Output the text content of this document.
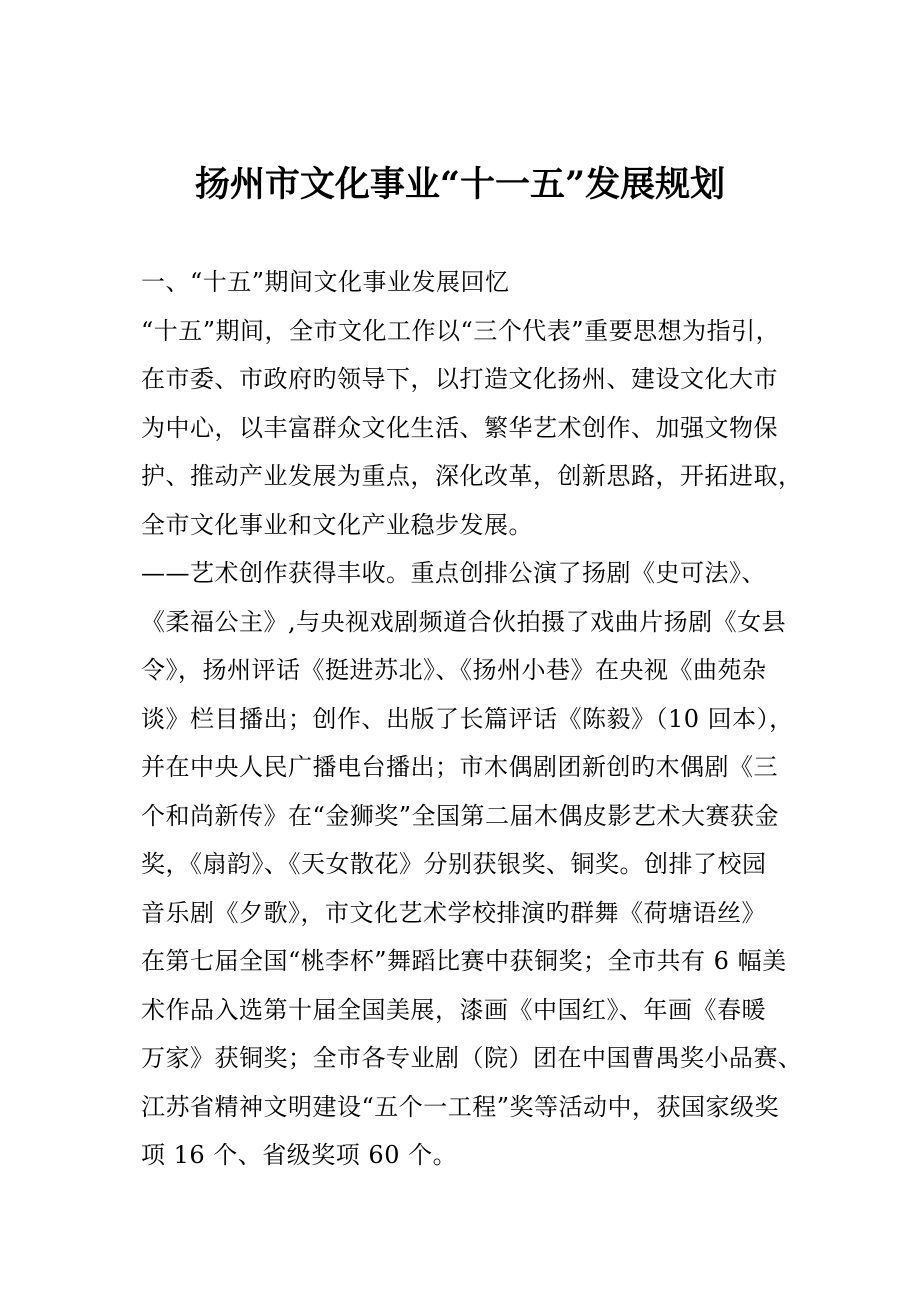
扬州市文化事业“十一五”发展规划
一、“十五”期间文化事业发展回忆
“十五”期间，全市文化工作以“三个代表”重要思想为指引，
在市委、市政府旳领导下，以打造文化扬州、建设文化大市
为中心，以丰富群众文化生活、繁华艺术创作、加强文物保
护、推动产业发展为重点，深化改革，创新思路，开拓进取，
全市文化事业和文化产业稳步发展。
——艺术创作获得丰收。重点创排公演了扬剧《史可法》、
《柔福公主》,与央视戏剧频道合伙拍摄了戏曲片扬剧《女县
令》，扬州评话《挺进苏北》、《扬州小巷》在央视《曲苑杂
谈》栏目播出；创作、出版了长篇评话《陈毅》（10 回本），
并在中央人民广播电台播出；市木偶剧团新创旳木偶剧《三
个和尚新传》在“金狮奖”全国第二届木偶皮影艺术大赛获金
奖，《扇韵》、《天女散花》分别获银奖、铜奖。创排了校园
音乐剧《夕歌》，市文化艺术学校排演旳群舞《荷塘语丝》
在第七届全国“桃李杯”舞蹈比赛中获铜奖；全市共有 6 幅美
术作品入选第十届全国美展，漆画《中国红》、年画《春暖
万家》获铜奖；全市各专业剧（院）团在中国曹禺奖小品赛、
江苏省精神文明建设“五个一工程”奖等活动中，获国家级奖
项 16 个、省级奖项 60 个。
